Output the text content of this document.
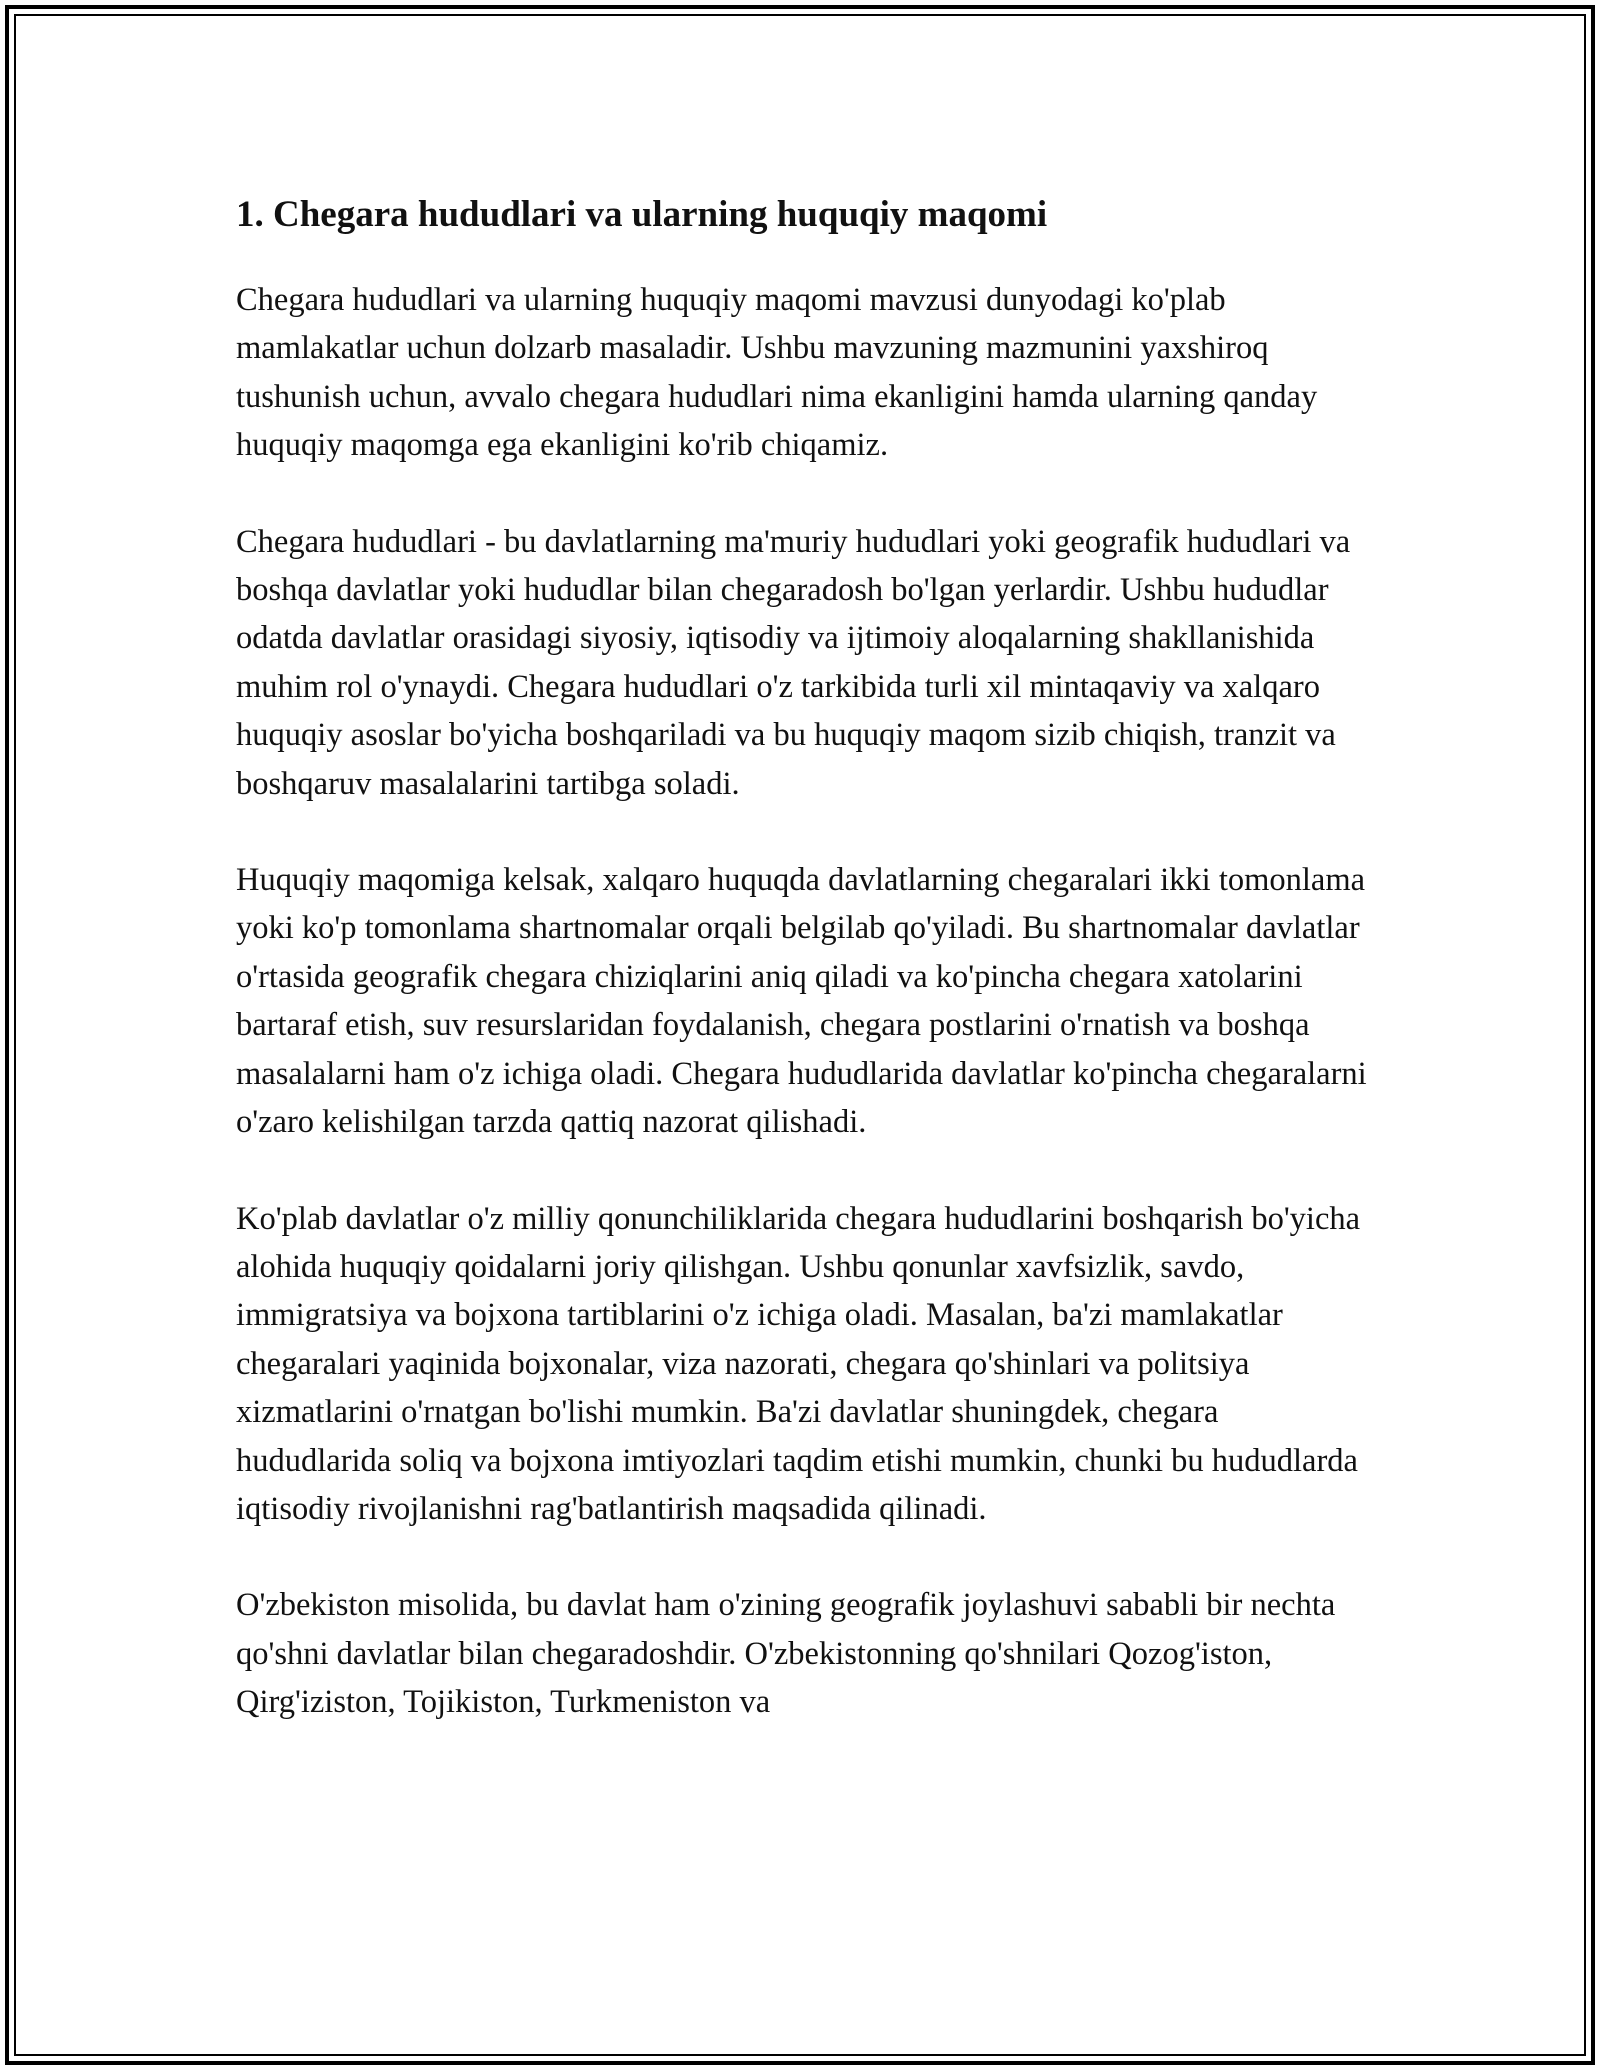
1. Chegara hududlari va ularning huquqiy maqomi

Chegara hududlari va ularning huquqiy maqomi mavzusi dunyodagi ko'plab mamlakatlar uchun dolzarb masaladir. Ushbu mavzuning mazmunini yaxshiroq tushunish uchun, avvalo chegara hududlari nima ekanligini hamda ularning qanday huquqiy maqomga ega ekanligini ko'rib chiqamiz.

Chegara hududlari - bu davlatlarning ma'muriy hududlari yoki geografik hududlari va boshqa davlatlar yoki hududlar bilan chegaradosh bo'lgan yerlardir. Ushbu hududlar odatda davlatlar orasidagi siyosiy, iqtisodiy va ijtimoiy aloqalarning shakllanishida muhim rol o'ynaydi. Chegara hududlari o'z tarkibida turli xil mintaqaviy va xalqaro huquqiy asoslar bo'yicha boshqariladi va bu huquqiy maqom sizib chiqish, tranzit va boshqaruv masalalarini tartibga soladi.

Huquqiy maqomiga kelsak, xalqaro huquqda davlatlarning chegaralari ikki tomonlama yoki ko'p tomonlama shartnomalar orqali belgilab qo'yiladi. Bu shartnomalar davlatlar o'rtasida geografik chegara chiziqlarini aniq qiladi va ko'pincha chegara xatolarini bartaraf etish, suv resurslaridan foydalanish, chegara postlarini o'rnatish va boshqa masalalarni ham o'z ichiga oladi. Chegara hududlarida davlatlar ko'pincha chegaralarni o'zaro kelishilgan tarzda qattiq nazorat qilishadi.

Ko'plab davlatlar o'z milliy qonunchiliklarida chegara hududlarini boshqarish bo'yicha alohida huquqiy qoidalarni joriy qilishgan. Ushbu qonunlar xavfsizlik, savdo, immigratsiya va bojxona tartiblarini o'z ichiga oladi. Masalan, ba'zi mamlakatlar chegaralari yaqinida bojxonalar, viza nazorati, chegara qo'shinlari va politsiya xizmatlarini o'rnatgan bo'lishi mumkin. Ba'zi davlatlar shuningdek, chegara hududlarida soliq va bojxona imtiyozlari taqdim etishi mumkin, chunki bu hududlarda iqtisodiy rivojlanishni rag'batlantirish maqsadida qilinadi.

O'zbekiston misolida, bu davlat ham o'zining geografik joylashuvi sababli bir nechta qo'shni davlatlar bilan chegaradoshdir. O'zbekistonning qo'shnilari Qozog'iston, Qirg'iziston, Tojikiston, Turkmeniston va
